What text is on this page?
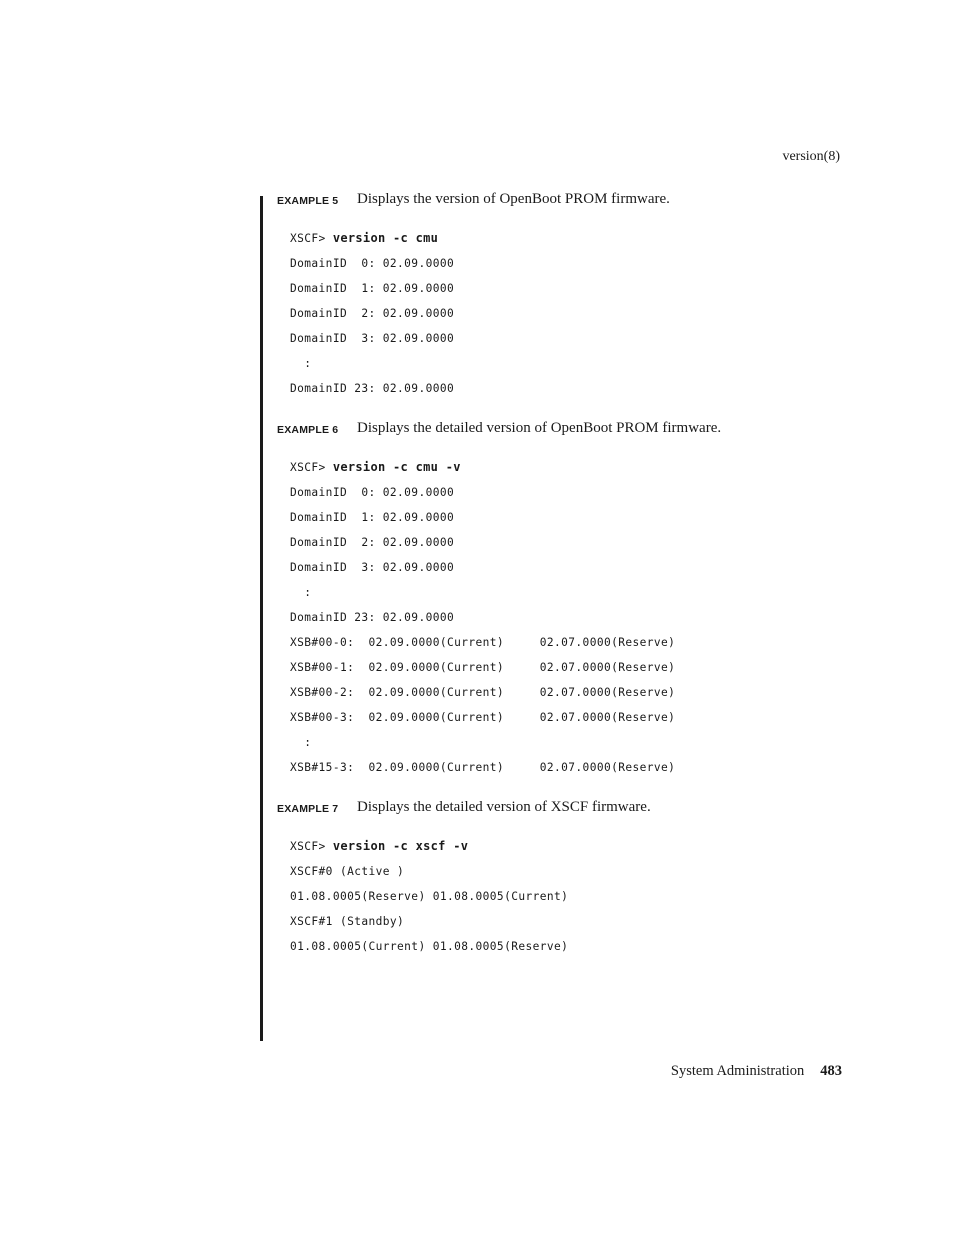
version(8)
EXAMPLE 5 Displays the version of OpenBoot PROM firmware.
XSCF> version -c cmu
DomainID  0: 02.09.0000
DomainID  1: 02.09.0000
DomainID  2: 02.09.0000
DomainID  3: 02.09.0000
:
DomainID 23: 02.09.0000
EXAMPLE 6 Displays the detailed version of OpenBoot PROM firmware.
XSCF> version -c cmu -v
DomainID  0: 02.09.0000
DomainID  1: 02.09.0000
DomainID  2: 02.09.0000
DomainID  3: 02.09.0000
:
DomainID 23: 02.09.0000
XSB#00-0:  02.09.0000(Current)     02.07.0000(Reserve)
XSB#00-1:  02.09.0000(Current)     02.07.0000(Reserve)
XSB#00-2:  02.09.0000(Current)     02.07.0000(Reserve)
XSB#00-3:  02.09.0000(Current)     02.07.0000(Reserve)
:
XSB#15-3:  02.09.0000(Current)     02.07.0000(Reserve)
EXAMPLE 7 Displays the detailed version of XSCF firmware.
XSCF> version -c xscf -v
XSCF#0 (Active )
01.08.0005(Reserve) 01.08.0005(Current)
XSCF#1 (Standby)
01.08.0005(Current) 01.08.0005(Reserve)
System Administration 483
